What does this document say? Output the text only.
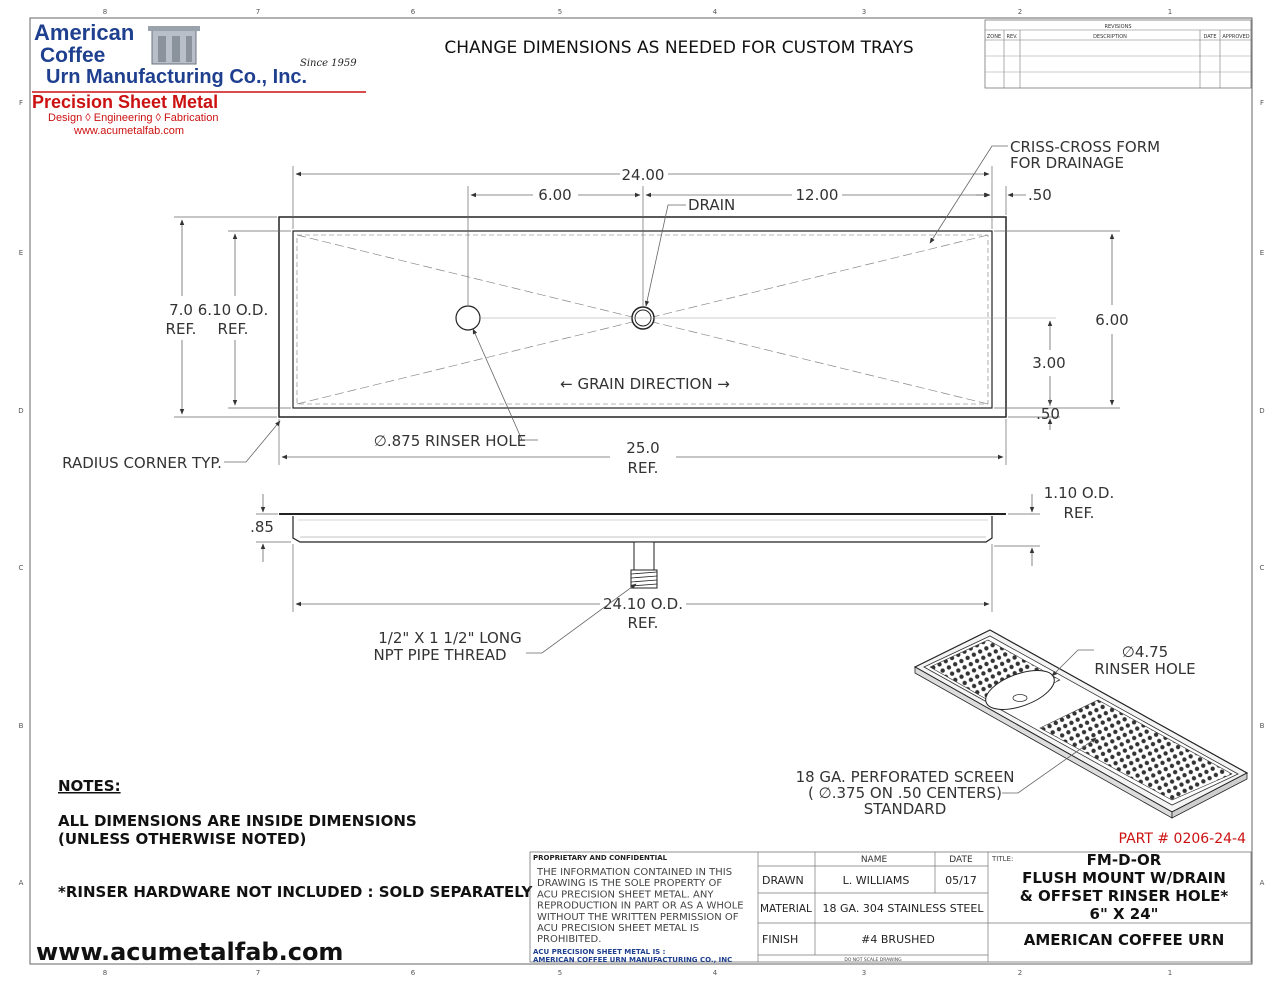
8	7	6	5	4	3	2	1
8	7	6	5	4	3	2	1
F	F
E	E
D	D
C	C
B	B
A	A
American
Coffee
Urn Manufacturing Co., Inc.
Since 1959
Precision Sheet Metal
Design ◊ Engineering ◊ Fabrication
www.acumetalfab.com
CHANGE DIMENSIONS AS NEEDED FOR CUSTOM TRAYS
REVISIONS
ZONE REV.	DESCRIPTION	DATE APPROVED
24.00
6.00	12.00
DRAIN
.50
CRISS-CROSS FORM
FOR DRAINAGE
7.0
REF.
6.10 O.D.
REF.	6.00
3.00
.50
← GRAIN DIRECTION →
∅.875 RINSER HOLE	25.0
REF.
RADIUS CORNER TYP.
.85
1.10 O.D.
REF.
24.10 O.D.
REF.
1/2" X 1 1/2" LONG
NPT PIPE THREAD	∅4.75
RINSER HOLE
18 GA. PERFORATED SCREEN
( ∅.375 ON .50 CENTERS)
STANDARD
NOTES:
ALL DIMENSIONS ARE INSIDE DIMENSIONS
(UNLESS OTHERWISE NOTED)
*RINSER HARDWARE NOT INCLUDED : SOLD SEPARATELY
www.acumetalfab.com
PART # 0206-24-4
PROPRIETARY AND CONFIDENTIAL
THE INFORMATION CONTAINED IN THIS
DRAWING IS THE SOLE PROPERTY OF
ACU PRECISION SHEET METAL. ANY
REPRODUCTION IN PART OR AS A WHOLE
WITHOUT THE WRITTEN PERMISSION OF
ACU PRECISION SHEET METAL IS
PROHIBITED.
ACU PRECISION SHEET METAL IS :
AMERICAN COFFEE URN MANUFACTURING CO., INC
NAME	DATE
DRAWN	L. WILLIAMS	05/17
MATERIAL 18 GA. 304 STAINLESS STEEL
FINISH	#4 BRUSHED
DO NOT SCALE DRAWING
TITLE:	FM-D-OR
FLUSH MOUNT W/DRAIN
& OFFSET RINSER HOLE*
6" X 24"
AMERICAN COFFEE URN
